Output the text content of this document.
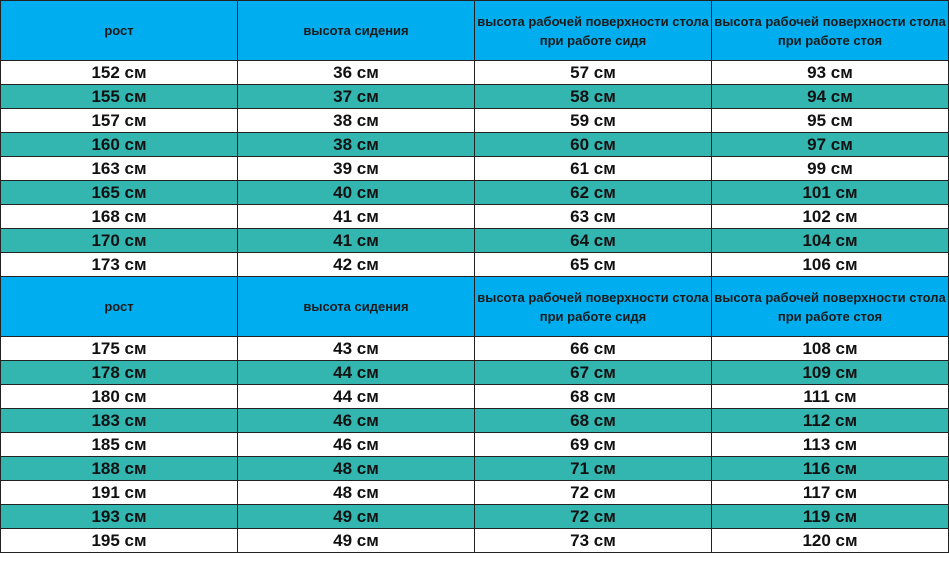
рост	высота сидения	высота рабочей поверхности стола при работе сидя	высота рабочей поверхности стола при работе стоя
152 см	36 см	57 см	93 см
155 см	37 см	58 см	94 см
157 см	38 см	59 см	95 см
160 см	38 см	60 см	97 см
163 см	39 см	61 см	99 см
165 см	40 см	62 см	101 см
168 см	41 см	63 см	102 см
170 см	41 см	64 см	104 см
173 см	42 см	65 см	106 см
рост	высота сидения	высота рабочей поверхности стола при работе сидя	высота рабочей поверхности стола при работе стоя
175 см	43 см	66 см	108 см
178 см	44 см	67 см	109 см
180 см	44 см	68 см	111 см
183 см	46 см	68 см	112 см
185 см	46 см	69 см	113 см
188 см	48 см	71 см	116 см
191 см	48 см	72 см	117 см
193 см	49 см	72 см	119 см
195 см	49 см	73 см	120 см
